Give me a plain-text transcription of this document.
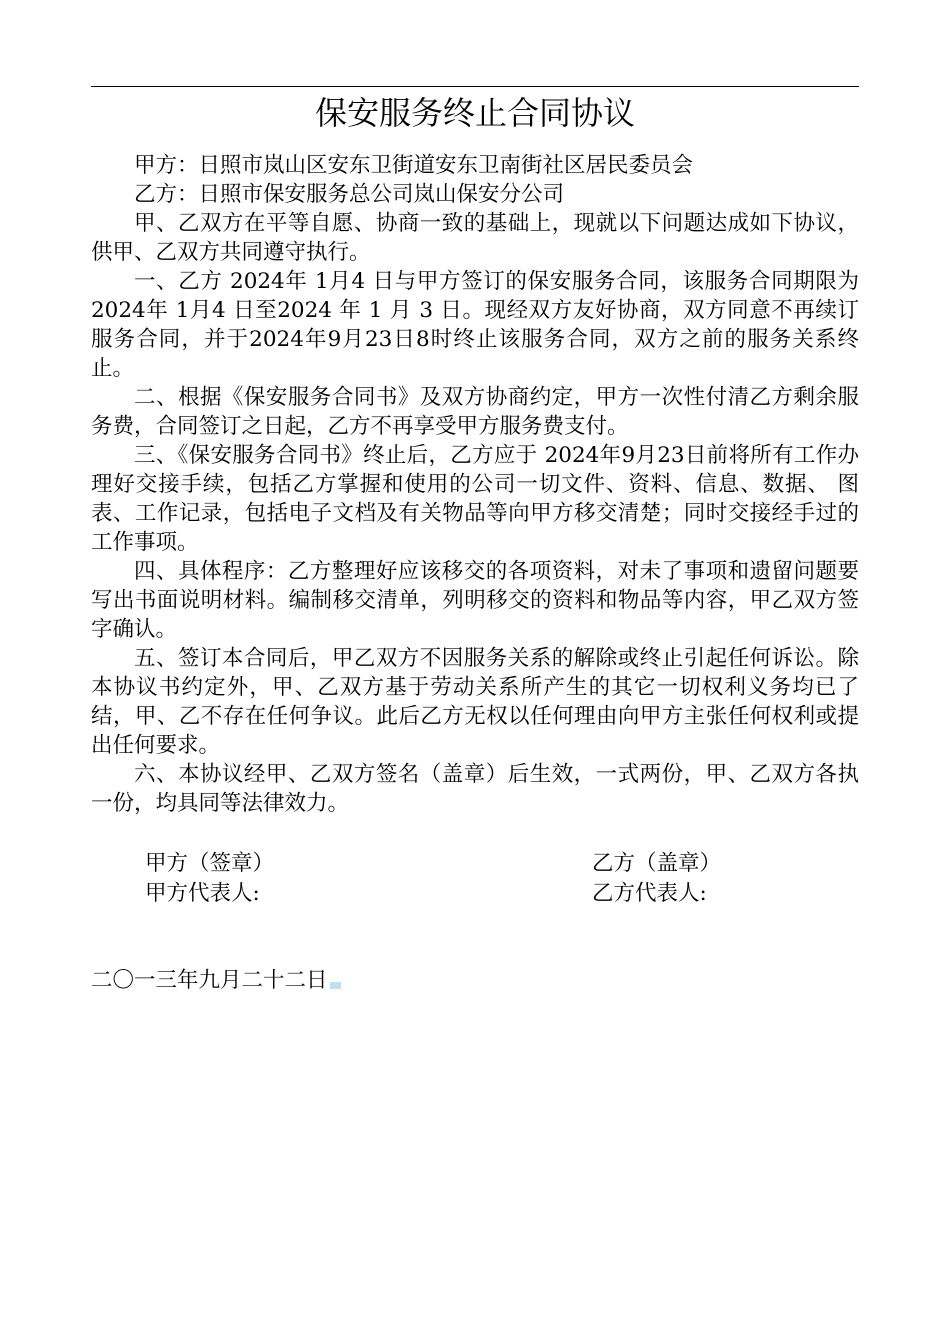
保安服务终止合同协议

甲方：日照市岚山区安东卫街道安东卫南街社区居民委员会

乙方：日照市保安服务总公司岚山保安分公司

甲、乙双方在平等自愿、协商一致的基础上，现就以下问题达成如下协议，供甲、乙双方共同遵守执行。

一、乙方 2024年 1月4 日与甲方签订的保安服务合同，该服务合同期限为2024年 1月4 日至2024 年 1 月 3 日。现经双方友好协商，双方同意不再续订服务合同，并于2024年9月23日8时终止该服务合同，双方之前的服务关系终止。

二、根据《保安服务合同书》及双方协商约定，甲方一次性付清乙方剩余服务费，合同签订之日起，乙方不再享受甲方服务费支付。

三、《保安服务合同书》终止后，乙方应于 2024年9月23日前将所有工作办理好交接手续，包括乙方掌握和使用的公司一切文件、资料、信息、数据、 图表、工作记录，包括电子文档及有关物品等向甲方移交清楚；同时交接经手过的工作事项。

四、具体程序：乙方整理好应该移交的各项资料，对未了事项和遗留问题要写出书面说明材料。编制移交清单，列明移交的资料和物品等内容，甲乙双方签字确认。

五、签订本合同后，甲乙双方不因服务关系的解除或终止引起任何诉讼。除本协议书约定外，甲、乙双方基于劳动关系所产生的其它一切权利义务均已了结，甲、乙不存在任何争议。此后乙方无权以任何理由向甲方主张任何权利或提出任何要求。

六、本协议经甲、乙双方签名（盖章）后生效，一式两份，甲、乙双方各执 一份，均具同等法律效力。

甲方（签章）	乙方（盖章）
甲方代表人:	乙方代表人:
二〇一三年九月二十二日
